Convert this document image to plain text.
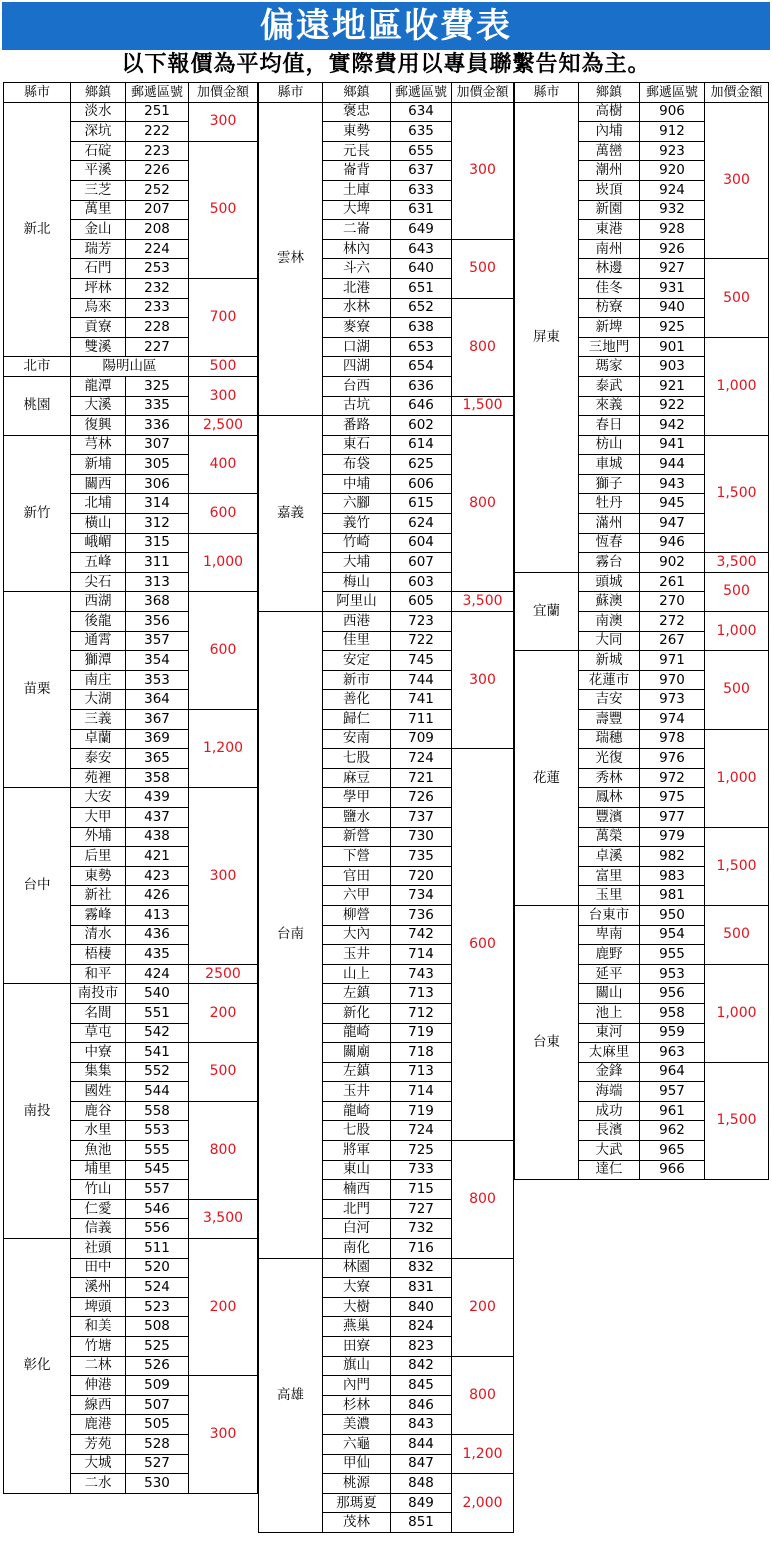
偏遠地區收費表
以下報價為平均值，實際費用以專員聯繫告知為主。
縣市	鄉鎮	郵遞區號	加價金額
新北	淡水	251	300
	深坑	222	
	石碇	223	500
	平溪	226	
	三芝	252	
	萬里	207	
	金山	208	
	瑞芳	224	
	石門	253	
	坪林	232	700
	烏來	233	
	貢寮	228	
	雙溪	227	
北市	陽明山區		500
桃園	龍潭	325	300
	大溪	335	
	復興	336	2,500
新竹	芎林	307	400
	新埔	305	
	關西	306	
	北埔	314	600
	橫山	312	
	峨嵋	315	1,000
	五峰	311	
	尖石	313	
苗栗	西湖	368	600
	後龍	356	
	通霄	357	
	獅潭	354	
	南庄	353	
	大湖	364	
	三義	367	1,200
	卓蘭	369	
	泰安	365	
	苑裡	358	
台中	大安	439	300
	大甲	437	
	外埔	438	
	后里	421	
	東勢	423	
	新社	426	
	霧峰	413	
	清水	436	
	梧棲	435	
	和平	424	2500
南投	南投市	540	200
	名間	551	
	草屯	542	
	中寮	541	500
	集集	552	
	國姓	544	
	鹿谷	558	800
	水里	553	
	魚池	555	
	埔里	545	
	竹山	557	
	仁愛	546	3,500
	信義	556	
彰化	社頭	511	200
	田中	520	
	溪州	524	
	埤頭	523	
	和美	508	
	竹塘	525	
	二林	526	
	伸港	509	300
	線西	507	
	鹿港	505	
	芳苑	528	
	大城	527	
	二水	530	
縣市	鄉鎮	郵遞區號	加價金額
雲林	褒忠	634	300
	東勢	635	
	元長	655	
	崙背	637	
	土庫	633	
	大埤	631	
	二崙	649	
	林內	643	500
	斗六	640	
	北港	651	
	水林	652	800
	麥寮	638	
	口湖	653	
	四湖	654	
	台西	636	
	古坑	646	1,500
嘉義	番路	602	800
	東石	614	
	布袋	625	
	中埔	606	
	六腳	615	
	義竹	624	
	竹崎	604	
	大埔	607	
	梅山	603	
	阿里山	605	3,500
台南	西港	723	300
	佳里	722	
	安定	745	
	新市	744	
	善化	741	
	歸仁	711	
	安南	709	
	七股	724	600
	麻豆	721	
	學甲	726	
	鹽水	737	
	新營	730	
	下營	735	
	官田	720	
	六甲	734	
	柳營	736	
	大內	742	
	玉井	714	
	山上	743	
	左鎮	713	
	新化	712	
	龍崎	719	
	關廟	718	
	左鎮	713	
	玉井	714	
	龍崎	719	
	七股	724	
	將軍	725	800
	東山	733	
	楠西	715	
	北門	727	
	白河	732	
	南化	716	
高雄	林園	832	200
	大寮	831	
	大樹	840	
	燕巢	824	
	田寮	823	
	旗山	842	800
	內門	845	
	杉林	846	
	美濃	843	
	六龜	844	1,200
	甲仙	847	
	桃源	848	2,000
	那瑪夏	849	
	茂林	851	
縣市	鄉鎮	郵遞區號	加價金額
屏東	高樹	906	300
	內埔	912	
	萬巒	923	
	潮州	920	
	崁頂	924	
	新園	932	
	東港	928	
	南州	926	
	林邊	927	500
	佳冬	931	
	枋寮	940	
	新埤	925	
	三地門	901	1,000
	瑪家	903	
	泰武	921	
	來義	922	
	春日	942	
	枋山	941	1,500
	車城	944	
	獅子	943	
	牡丹	945	
	滿州	947	
	恆春	946	
	霧台	902	3,500
宜蘭	頭城	261	500
	蘇澳	270	
	南澳	272	1,000
	大同	267	
花蓮	新城	971	500
	花蓮市	970	
	吉安	973	
	壽豐	974	
	瑞穗	978	1,000
	光復	976	
	秀林	972	
	鳳林	975	
	豐濱	977	
	萬榮	979	1,500
	卓溪	982	
	富里	983	
	玉里	981	
台東	台東市	950	500
	卑南	954	
	鹿野	955	
	延平	953	1,000
	關山	956	
	池上	958	
	東河	959	
	太麻里	963	
	金鋒	964	1,500
	海端	957	
	成功	961	
	長濱	962	
	大武	965	
	達仁	966	
